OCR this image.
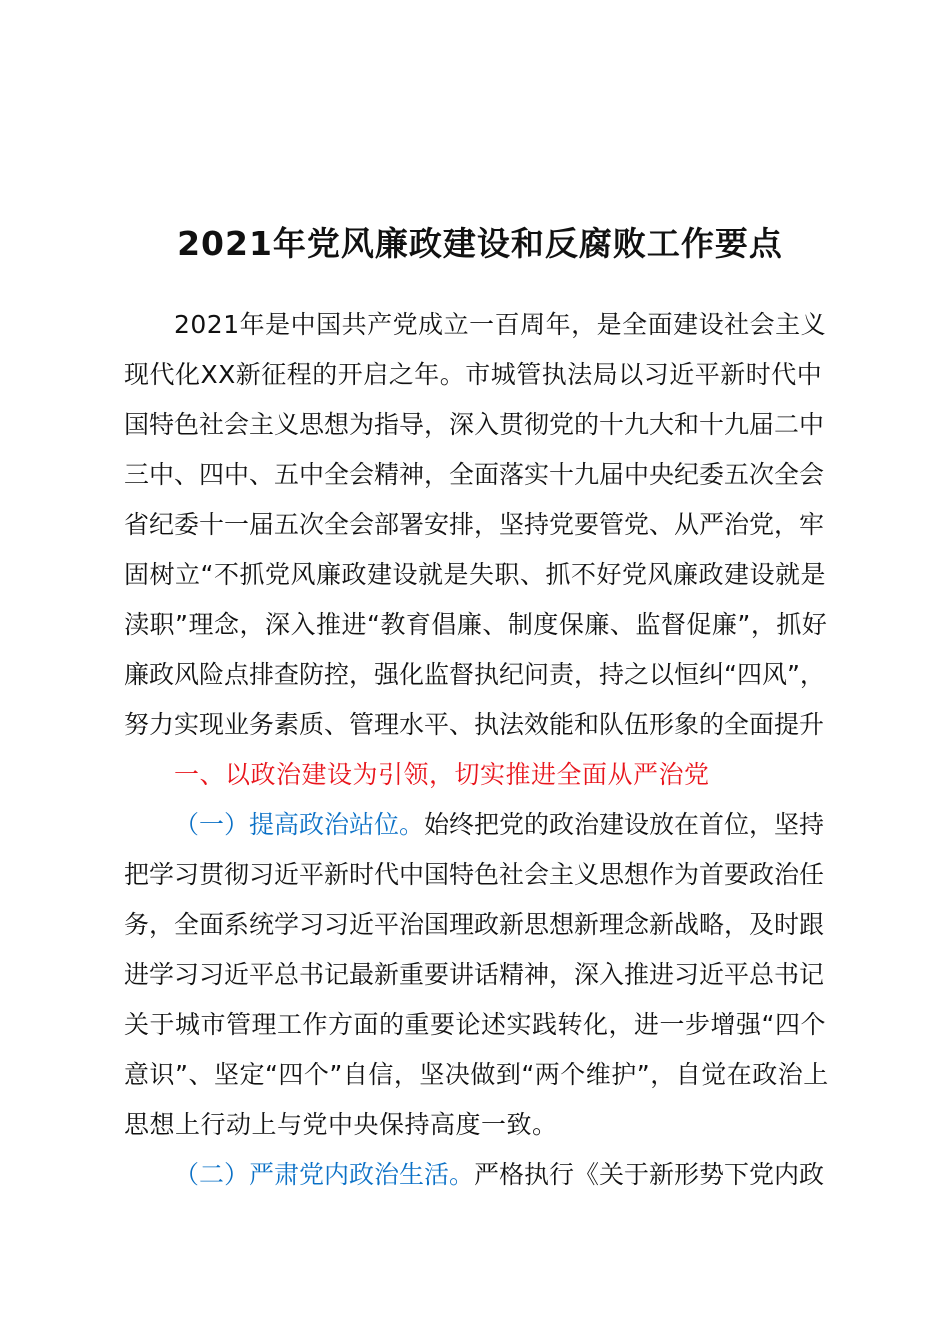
2021年党风廉政建设和反腐败工作要点
2021年是中国共产党成立一百周年，是全面建设社会主义
现代化XX新征程的开启之年。市城管执法局以习近平新时代中
国特色社会主义思想为指导，深入贯彻党的十九大和十九届二中
三中、四中、五中全会精神，全面落实十九届中央纪委五次全会
省纪委十一届五次全会部署安排，坚持党要管党、从严治党，牢
固树立“不抓党风廉政建设就是失职、抓不好党风廉政建设就是
渎职”理念，深入推进“教育倡廉、制度保廉、监督促廉”，抓好
廉政风险点排查防控，强化监督执纪问责，持之以恒纠“四风”，
努力实现业务素质、管理水平、执法效能和队伍形象的全面提升
一、以政治建设为引领，切实推进全面从严治党
（一）提高政治站位。始终把党的政治建设放在首位，坚持
把学习贯彻习近平新时代中国特色社会主义思想作为首要政治任
务，全面系统学习习近平治国理政新思想新理念新战略，及时跟
进学习习近平总书记最新重要讲话精神，深入推进习近平总书记
关于城市管理工作方面的重要论述实践转化，进一步增强“四个
意识”、坚定“四个”自信，坚决做到“两个维护”，自觉在政治上
思想上行动上与党中央保持高度一致。
（二）严肃党内政治生活。严格执行《关于新形势下党内政
